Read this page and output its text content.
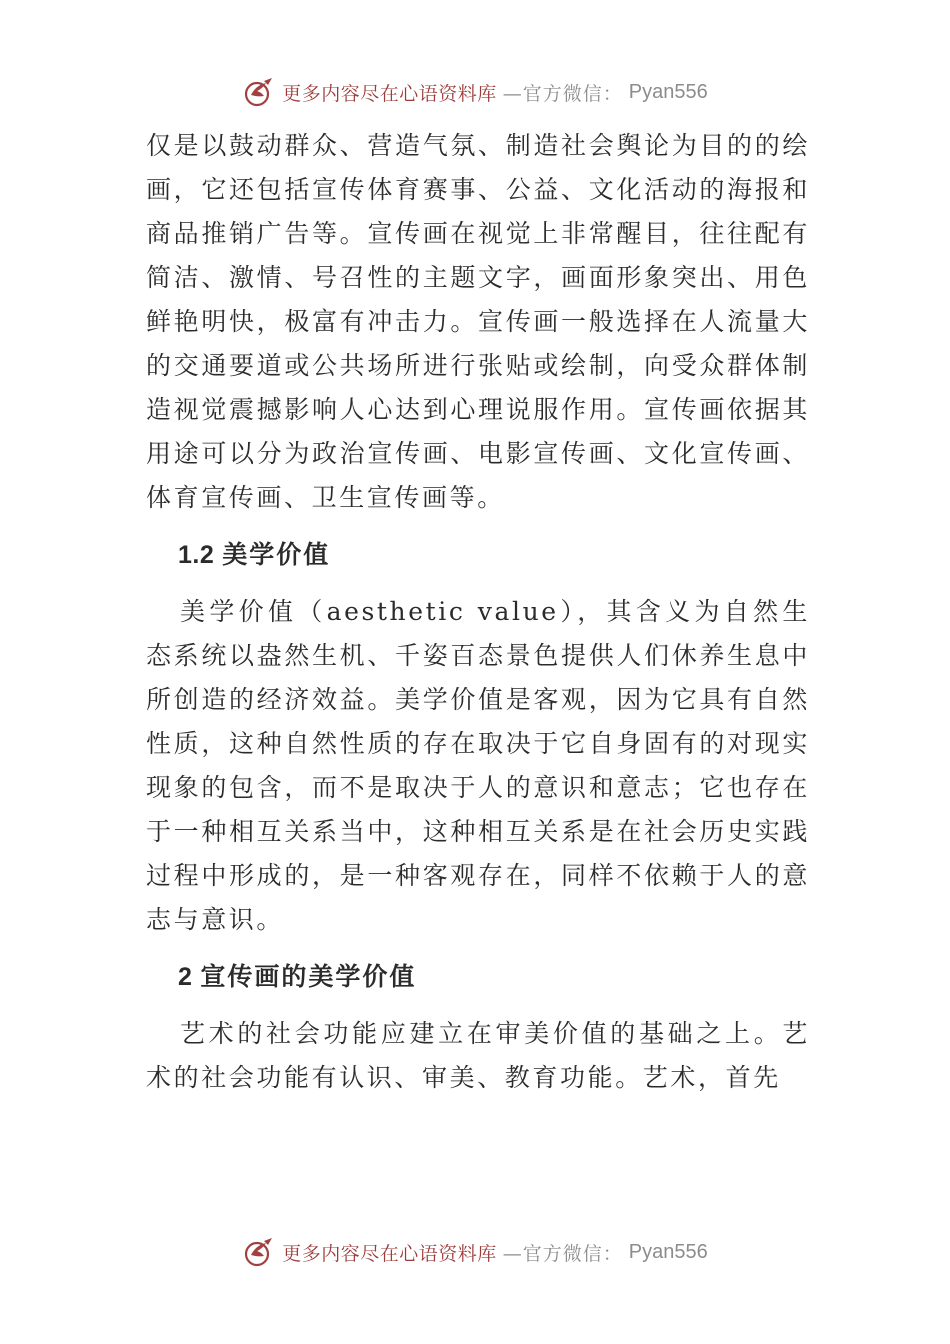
更多内容尽在心语资料库 —官方微信： Pyan556

仅是以鼓动群众、营造气氛、制造社会舆论为目的的绘画，它还包括宣传体育赛事、公益、文化活动的海报和商品推销广告等。宣传画在视觉上非常醒目，往往配有简洁、激情、号召性的主题文字，画面形象突出、用色鲜艳明快，极富有冲击力。宣传画一般选择在人流量大的交通要道或公共场所进行张贴或绘制，向受众群体制造视觉震撼影响人心达到心理说服作用。宣传画依据其用途可以分为政治宣传画、电影宣传画、文化宣传画、体育宣传画、卫生宣传画等。

1.2 美学价值

美学价值（aesthetic value），其含义为自然生态系统以盎然生机、千姿百态景色提供人们休养生息中所创造的经济效益。美学价值是客观，因为它具有自然性质，这种自然性质的存在取决于它自身固有的对现实现象的包含，而不是取决于人的意识和意志；它也存在于一种相互关系当中，这种相互关系是在社会历史实践过程中形成的，是一种客观存在，同样不依赖于人的意志与意识。

2 宣传画的美学价值

艺术的社会功能应建立在审美价值的基础之上。艺术的社会功能有认识、审美、教育功能。艺术，首先

更多内容尽在心语资料库 —官方微信： Pyan556
